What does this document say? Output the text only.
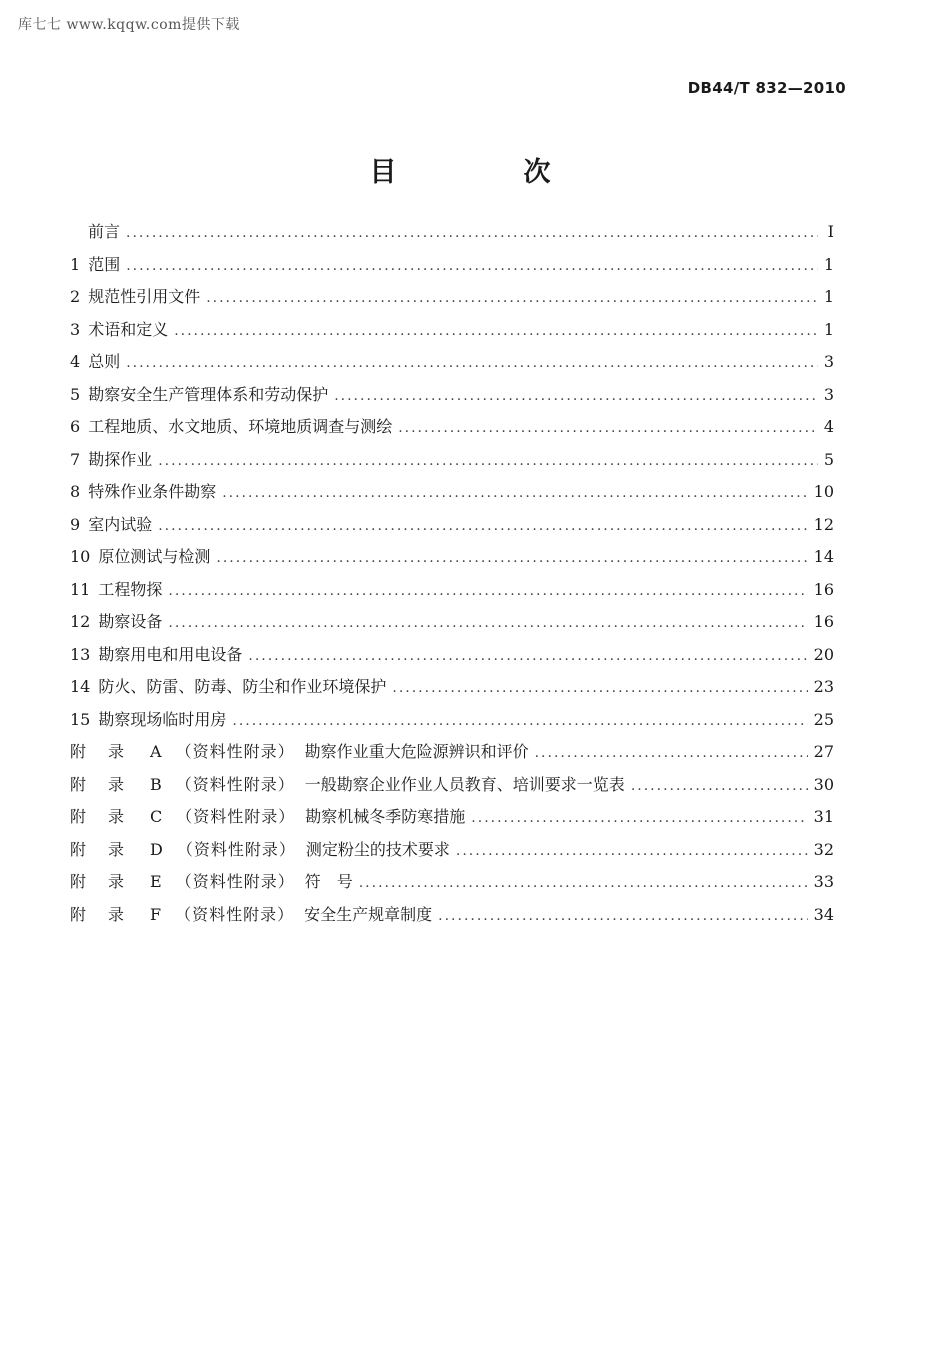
库七七 www.kqqw.com提供下载
DB44/T 832—2010
目　次
前言 .....	I
1 范围 .....	1
2 规范性引用文件 .....	1
3 术语和定义 .....	1
4 总则 .....	3
5 勘察安全生产管理体系和劳动保护 .....	3
6 工程地质、水文地质、环境地质调查与测绘 .....	4
7 勘探作业 .....	5
8 特殊作业条件勘察 .....	10
9 室内试验 .....	12
10 原位测试与检测 .....	14
11 工程物探 .....	16
12 勘察设备 .....	16
13 勘察用电和用电设备 .....	20
14 防火、防雷、防毒、防尘和作业环境保护 .....	23
15 勘察现场临时用房 .....	25
附录 A （资料性附录） 勘察作业重大危险源辨识和评价 .....	27
附录 B （资料性附录） 一般勘察企业作业人员教育、培训要求一览表 .....	30
附录 C （资料性附录） 勘察机械冬季防寒措施 .....	31
附录 D （资料性附录） 测定粉尘的技术要求 .....	32
附录 E （资料性附录） 符　号 .....	33
附录 F （资料性附录） 安全生产规章制度 .....	34
